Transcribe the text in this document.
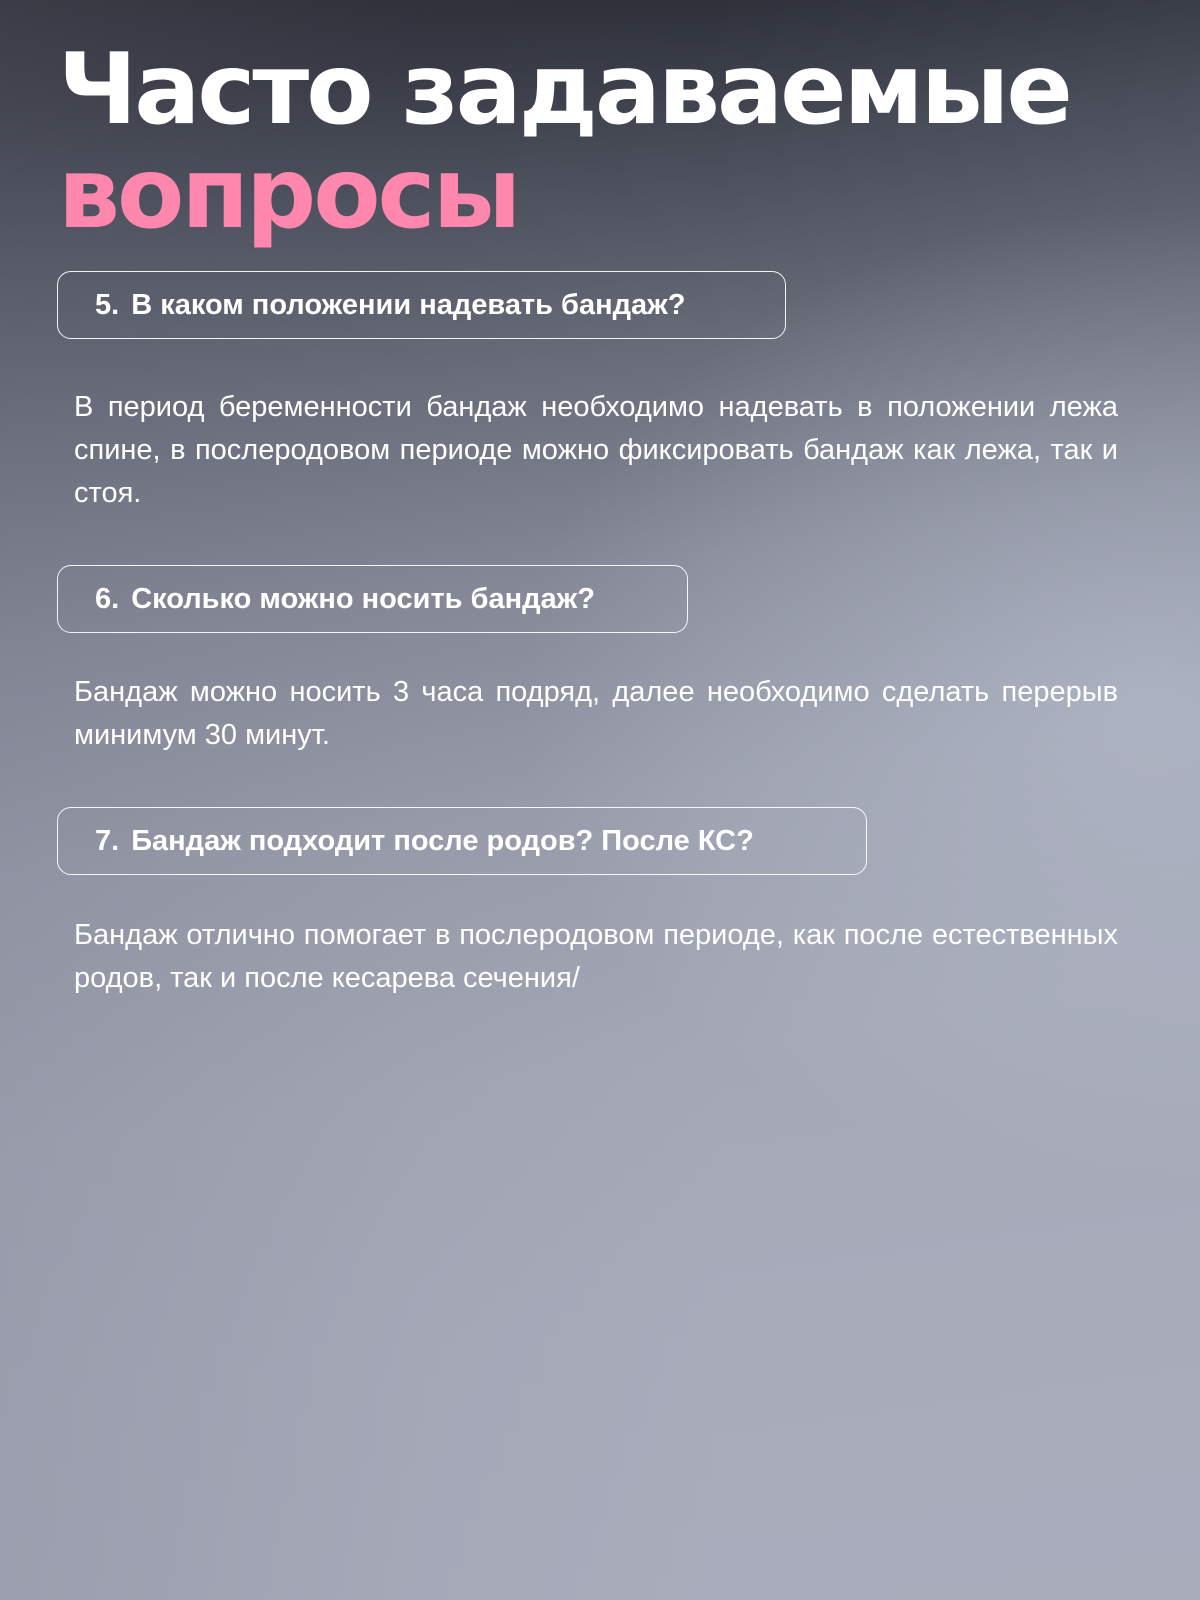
Часто задаваемые
вопросы
5. В каком положении надевать бандаж?

В период беременности бандаж необходимо надевать в положении лежа спине, в послеродовом периоде можно фиксировать бандаж как лежа, так и стоя.

6. Сколько можно носить бандаж?

Бандаж можно носить 3 часа подряд, далее необходимо сделать перерыв минимум 30 минут.

7. Бандаж подходит после родов? После КС?

Бандаж отлично помогает в послеродовом периоде, как после естественных родов, так и после кесарева сечения/
